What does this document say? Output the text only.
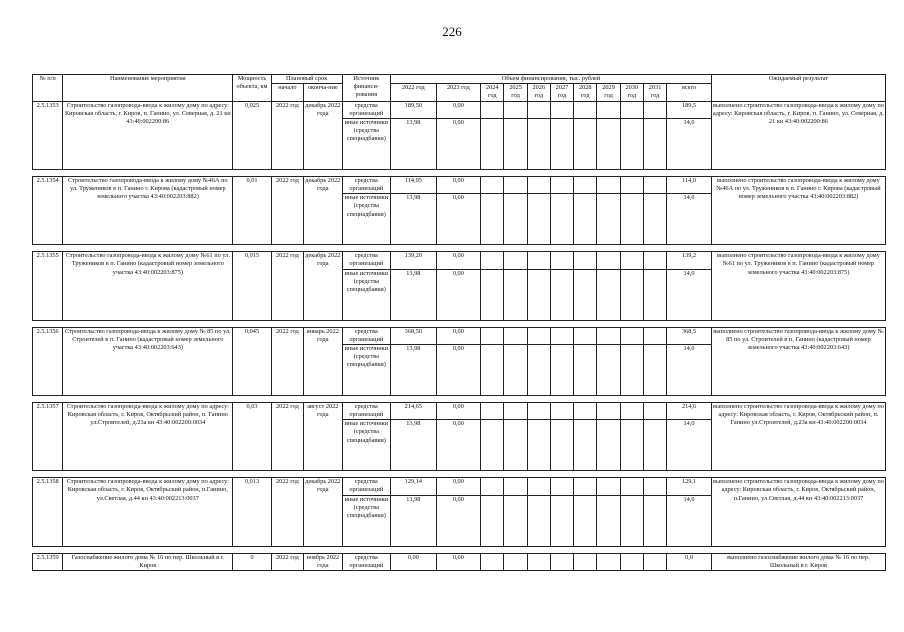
226
№ п/п	Наименование мероприятия	Мощность объекта, км	Плановый срок		Источник финанси-рования	Объем финансирования, тыс. рублей											Ожидаемый результат
			начало	оконча-ние		2022 год	2023 год	2024 год	2025 год	2026 год	2027 год	2028 год	2029 год	2030 год	2031 год	всего	
2.5.1353	Строительство газопровода-ввода к жилому дому по адресу: Кировская область, г. Киров, п. Ганино, ул. Северная, д. 21 кн 43:40:002200:86	0,025	2022 год	декабрь 2022 года	средства организаций	189,50	0,00									189,5	выполнено строительство газопровода-ввода к жилому дому по адресу: Кировская область, г. Киров, п. Ганино, ул. Северная, д. 21 кн 43:40:002200:86
					иные источники (средства спецнадбавки)	13,98	0,00									14,0	

2.5.1354	Строительство газопровода-ввода к жилому дому №46А по ул. Тружеников в п. Ганино г. Кирова (кадастровый номер земельного участка 43:40:002203:882)	0,01	2022 год	декабрь 2022 года	средства организаций	114,05	0,00									114,0	выполнено строительство газопровода-ввода к жилому дому №46А по ул. Тружеников в п. Ганино г. Кирова (кадастровый номер земельного участка 43:40:002203:882)
					иные источники (средства спецнадбавки)	13,98	0,00									14,0	

2.5.1355	Строительство газопровода-ввода к жилому дому №61 по ул. Тружеников в п. Ганино (кадастровый номер земельного участка 43:40:002203:875)	0,015	2022 год	декабрь 2022 года	средства организаций	139,20	0,00									139,2	выполнено строительство газопровода-ввода к жилому дому №61 по ул. Тружеников в п. Ганино (кадастровый номер земельного участка 43:40:002203:875)
					иные источники (средства спецнадбавки)	13,98	0,00									14,0	

2.5.1356	Строительство газопровода-ввода к жилому дому № 85 по ул. Строителей в п. Ганино (кадастровый номер земельного участка 43:40:002203:643)	0,045	2022 год	январь 2022 года	средства организаций	368,50	0,00									368,5	выполнено строительство газопровода-ввода к жилому дому № 85 по ул. Строителей в п. Ганино (кадастровый номер земельного участка 43:40:002203:643)
					иные источники (средства спецнадбавки)	13,98	0,00									14,0	

2.5.1357	Строительство газопровода-ввода к жилому дому по адресу: Кировская область, г. Киров, Октябрьский район, п. Ганино ул.Строителей, д.23а кн 43:40:002200:0034	0,03	2022 год	август 2022 года	средства организаций	214,65	0,00									214,6	выполнено строительство газопровода-ввода к жилому дому по адресу: Кировская область, г. Киров, Октябрьский район, п. Ганино ул.Строителей, д.23а кн 43:40:002200:0034
					иные источники (средства спецнадбавки)	13,98	0,00									14,0	

2.5.1358	Строительство газопровода-ввода к жилому дому по адресу: Кировская область, г. Киров, Октябрьский район, п.Ганино, ул.Светлая, д.44 кн 43:40:002213:0037	0,013	2022 год	декабрь 2022 года	средства организаций	129,14	0,00									129,1	выполнено строительство газопровода-ввода к жилому дому по адресу: Кировская область, г. Киров, Октябрьский район, п.Ганино, ул.Светлая, д.44 кн 43:40:002213:0037
					иные источники (средства спецнадбавки)	13,98	0,00									14,0	

2.5.1359	Газоснабжение жилого дома № 16 по пер. Школьный в г. Киров	0	2022 год	ноябрь 2022 года	средства организаций	0,00	0,00									0,0	выполнено газоснабжение жилого дома № 16 по пер. Школьный в г. Киров
